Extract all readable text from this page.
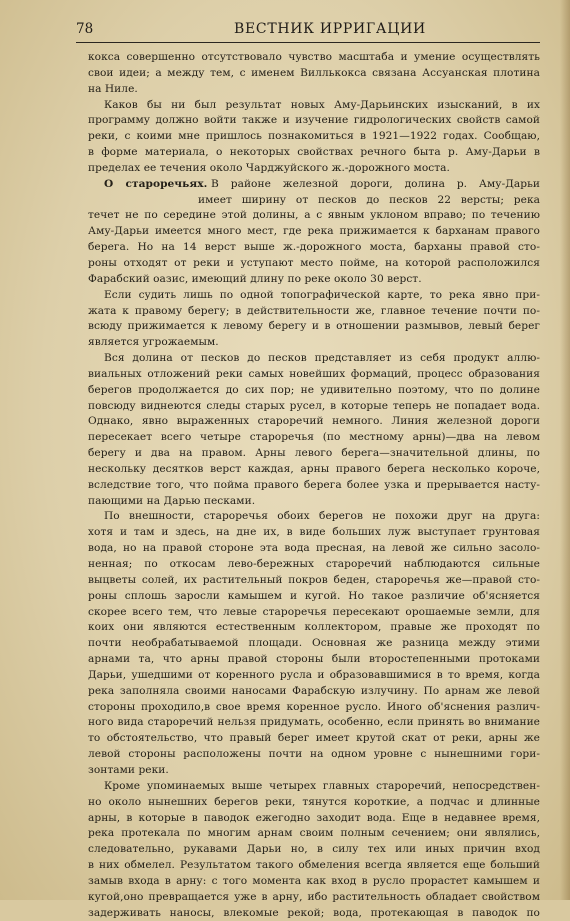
78	ВЕСТНИК ИРРИГАЦИИ
кокса совершенно отсутствовало чувство масштаба и умение осуществлять
свои идеи; а между тем, с именем Виллькокса связана Ассуанская плотина
на Ниле.
Каков бы ни был результат новых Аму-Дарьинских изысканий, в их
программу должно войти также и изучение гидрологических свойств самой
реки, с коими мне пришлось познакомиться в 1921—1922 годах. Сообщаю,
в форме материала, о некоторых свойствах речного быта р. Аму-Дарьи в
пределах ее течения около Чарджуйского ж.-дорожного моста.
О староречьях. В районе железной дороги, долина р. Аму-Дарьи
имеет ширину от песков до песков 22 версты; река
течет не по середине этой долины, а с явным уклоном вправо; по течению
Аму-Дарьи имеется много мест, где река прижимается к барханам правого
берега. Но на 14 верст выше ж.-дорожного моста, барханы правой сто-
роны отходят от реки и уступают место пойме, на которой расположился
Фарабский оазис, имеющий длину по реке около 30 верст.
Если судить лишь по одной топографической карте, то река явно при-
жата к правому берегу; в действительности же, главное течение почти по-
всюду прижимается к левому берегу и в отношении размывов, левый берег
является угрожаемым.
Вся долина от песков до песков представляет из себя продукт аллю-
виальных отложений реки самых новейших формаций, процесс образования
берегов продолжается до сих пор; не удивительно поэтому, что по долине
повсюду виднеются следы старых русел, в которые теперь не попадает вода.
Однако, явно выраженных староречий немного. Линия железной дороги
пересекает всего четыре староречья (по местному арны)—два на левом
берегу и два на правом. Арны левого берега—значительной длины, по
нескольку десятков верст каждая, арны правого берега несколько короче,
вследствие того, что пойма правого берега более узка и прерывается насту-
пающими на Дарью песками.
По внешности, староречья обоих берегов не похожи друг на друга:
хотя и там и здесь, на дне их, в виде больших луж выступает грунтовая
вода, но на правой стороне эта вода пресная, на левой же сильно засоло-
ненная; по откосам лево-бережных староречий наблюдаются сильные
выцветы солей, их растительный покров беден, староречья же—правой сто-
роны сплошь заросли камышем и кугой. Но такое различие об'ясняется
скорее всего тем, что левые староречья пересекают орошаемые земли, для
коих они являются естественным коллектором, правые же проходят по
почти необрабатываемой площади. Основная же разница между этими
арнами та, что арны правой стороны были второстепенными протоками
Дарьи, ушедшими от коренного русла и образовавшимися в то время, когда
река заполняла своими наносами Фарабскую излучину. По арнам же левой
стороны проходило,в свое время коренное русло. Иного об'яснения различ-
ного вида староречий нельзя придумать, особенно, если принять во внимание
то обстоятельство, что правый берег имеет крутой скат от реки, арны же
левой стороны расположены почти на одном уровне с нынешними гори-
зонтами реки.
Кроме упоминаемых выше четырех главных староречий, непосредствен-
но около нынешних берегов реки, тянутся короткие, а подчас и длинные
арны, в которые в паводок ежегодно заходит вода. Еще в недавнее время,
река протекала по многим арнам своим полным сечением; они являлись,
следовательно, рукавами Дарьи но, в силу тех или иных причин вход
в них обмелел. Результатом такого обмеления всегда является еще больший
замыв входа в арну: с того момента как вход в русло прорастет камышем и
кугой,оно превращается уже в арну, ибо растительность обладает свойством
задерживать наносы, влекомые рекой; вода, протекающая в паводок по
